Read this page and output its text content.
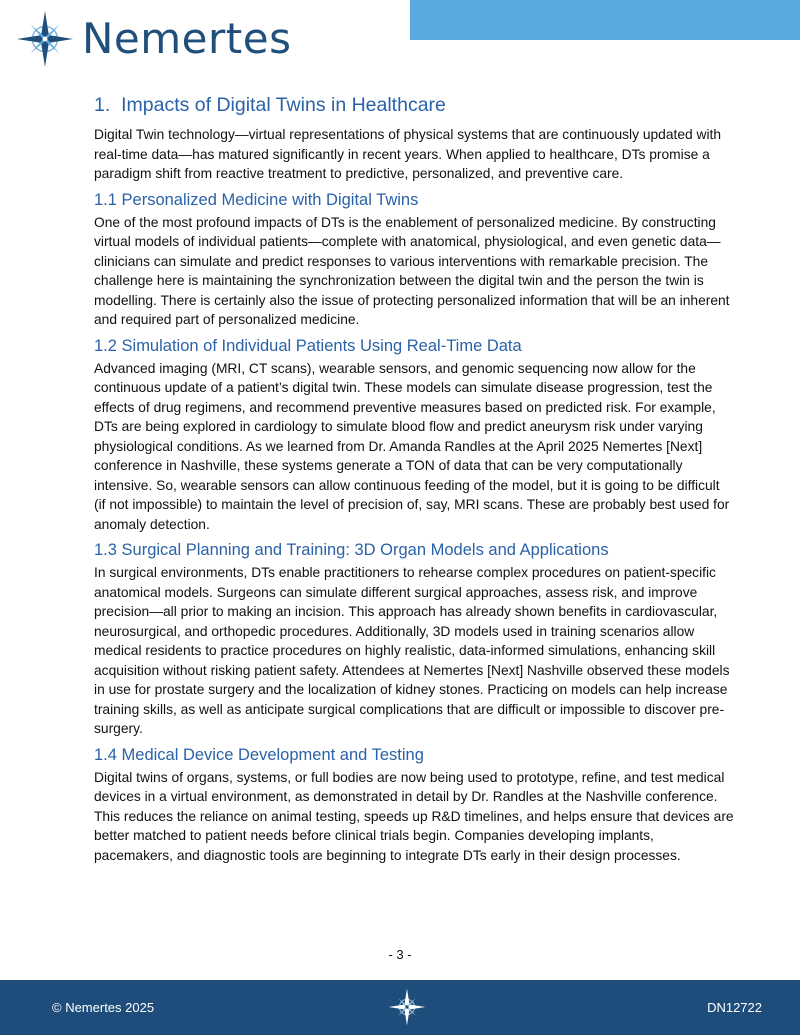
Nemertes
1.  Impacts of Digital Twins in Healthcare

Digital Twin technology—virtual representations of physical systems that are continuously updated with real-time data—has matured significantly in recent years. When applied to healthcare, DTs promise a paradigm shift from reactive treatment to predictive, personalized, and preventive care.

1.1 Personalized Medicine with Digital Twins

One of the most profound impacts of DTs is the enablement of personalized medicine. By constructing virtual models of individual patients—complete with anatomical, physiological, and even genetic data—clinicians can simulate and predict responses to various interventions with remarkable precision. The challenge here is maintaining the synchronization between the digital twin and the person the twin is modelling. There is certainly also the issue of protecting personalized information that will be an inherent and required part of personalized medicine.

1.2 Simulation of Individual Patients Using Real-Time Data

Advanced imaging (MRI, CT scans), wearable sensors, and genomic sequencing now allow for the continuous update of a patient’s digital twin. These models can simulate disease progression, test the effects of drug regimens, and recommend preventive measures based on predicted risk. For example, DTs are being explored in cardiology to simulate blood flow and predict aneurysm risk under varying physiological conditions. As we learned from Dr. Amanda Randles at the April 2025 Nemertes [Next] conference in Nashville, these systems generate a TON of data that can be very computationally intensive. So, wearable sensors can allow continuous feeding of the model, but it is going to be difficult (if not impossible) to maintain the level of precision of, say, MRI scans. These are probably best used for anomaly detection.

1.3 Surgical Planning and Training: 3D Organ Models and Applications

In surgical environments, DTs enable practitioners to rehearse complex procedures on patient-specific anatomical models. Surgeons can simulate different surgical approaches, assess risk, and improve precision—all prior to making an incision. This approach has already shown benefits in cardiovascular, neurosurgical, and orthopedic procedures. Additionally, 3D models used in training scenarios allow medical residents to practice procedures on highly realistic, data-informed simulations, enhancing skill acquisition without risking patient safety. Attendees at Nemertes [Next] Nashville observed these models in use for prostate surgery and the localization of kidney stones. Practicing on models can help increase training skills, as well as anticipate surgical complications that are difficult or impossible to discover pre-surgery.

1.4 Medical Device Development and Testing

Digital twins of organs, systems, or full bodies are now being used to prototype, refine, and test medical devices in a virtual environment, as demonstrated in detail by Dr. Randles at the Nashville conference. This reduces the reliance on animal testing, speeds up R&D timelines, and helps ensure that devices are better matched to patient needs before clinical trials begin. Companies developing implants, pacemakers, and diagnostic tools are beginning to integrate DTs early in their design processes.

- 3 -
© Nemertes 2025	DN12722
